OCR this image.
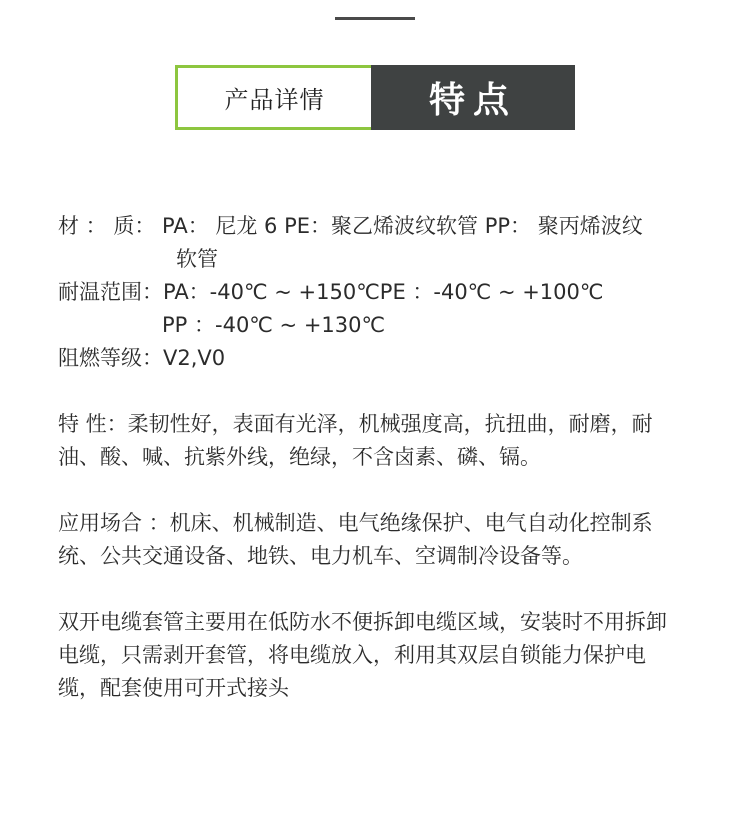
产品详情	特点
材 ： 质： PA： 尼龙 6 PE：聚乙烯波纹软管 PP： 聚丙烯波纹
软管
耐温范围：PA：-40℃ ~ +150℃PE ：-40℃ ~ +100℃
PP ：-40℃ ~ +130℃
阻燃等级：V2,V0
特 性：柔韧性好，表面有光泽，机械强度高，抗扭曲，耐磨，耐
油、酸、喊、抗紫外线，绝绿，不含卤素、磷、镉。
应用场合 ：机床、机械制造、电气绝缘保护、电气自动化控制系
统、公共交通设备、地铁、电力机车、空调制冷设备等。
双开电缆套管主要用在低防水不便拆卸电缆区域，安装时不用拆卸
电缆，只需剥开套管，将电缆放入，利用其双层自锁能力保护电
缆，配套使用可开式接头
